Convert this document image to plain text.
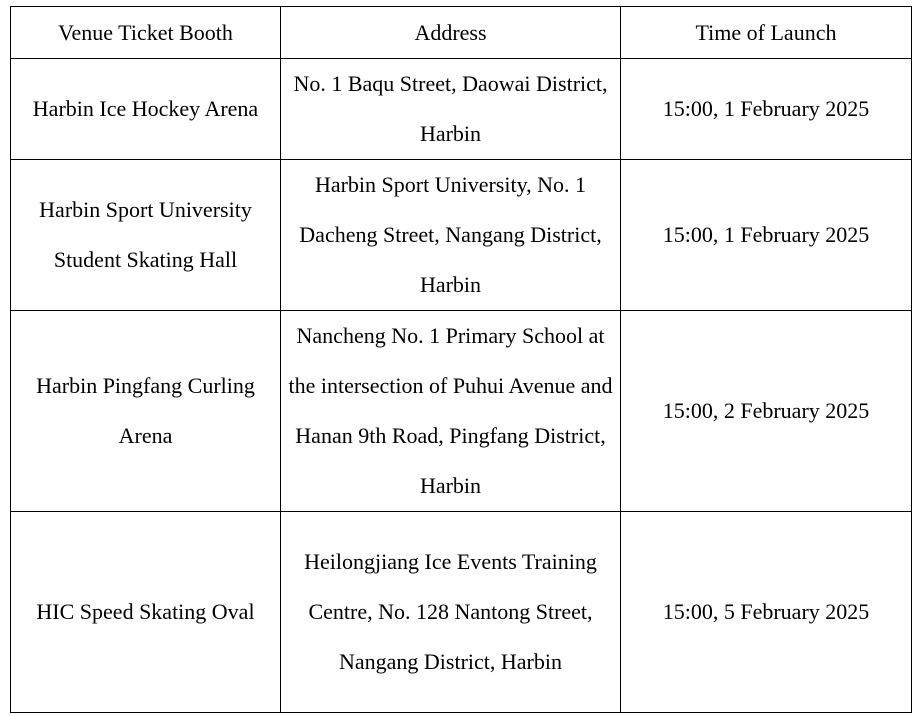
Venue Ticket Booth	Address	Time of Launch
Harbin Ice Hockey Arena	No. 1 Baqu Street, Daowai District, Harbin	15:00, 1 February 2025
Harbin Sport University Student Skating Hall	Harbin Sport University, No. 1 Dacheng Street, Nangang District, Harbin	15:00, 1 February 2025
Harbin Pingfang Curling Arena	Nancheng No. 1 Primary School at the intersection of Puhui Avenue and Hanan 9th Road, Pingfang District, Harbin	15:00, 2 February 2025
HIC Speed Skating Oval	Heilongjiang Ice Events Training Centre, No. 128 Nantong Street, Nangang District, Harbin	15:00, 5 February 2025
